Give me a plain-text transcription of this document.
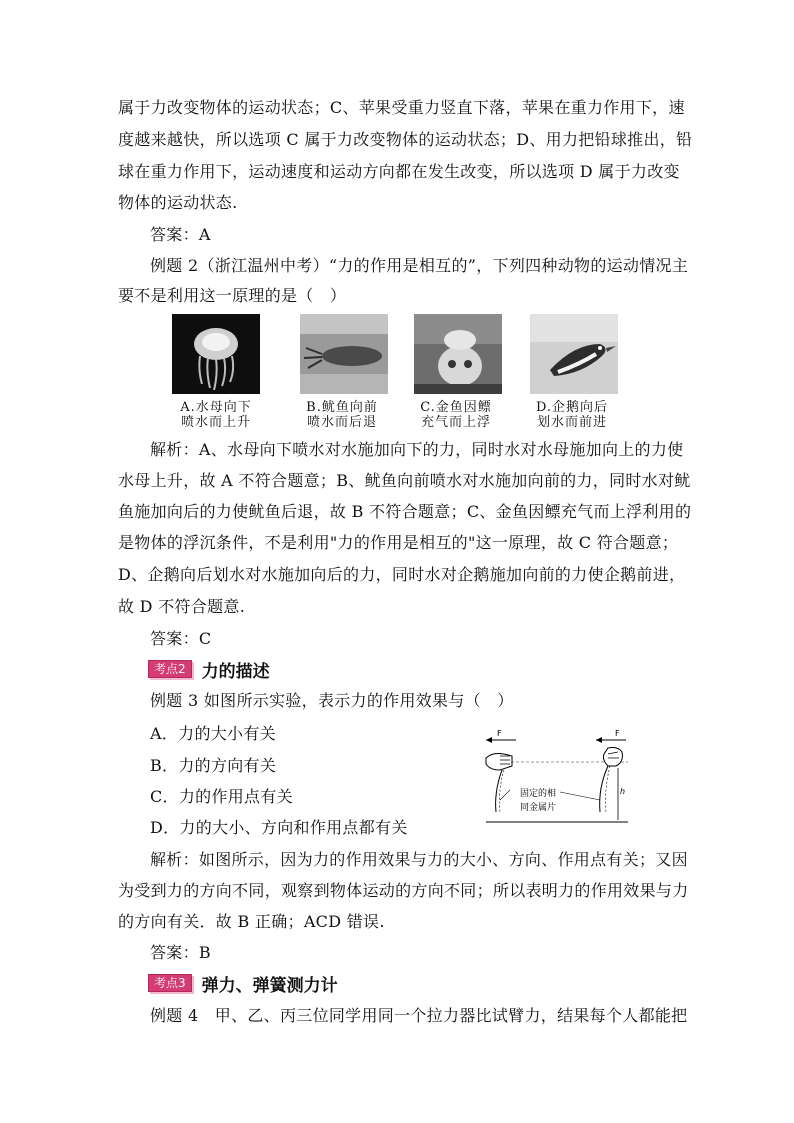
属于力改变物体的运动状态；C、苹果受重力竖直下落，苹果在重力作用下，速
度越来越快，所以选项 C 属于力改变物体的运动状态；D、用力把铅球推出，铅
球在重力作用下，运动速度和运动方向都在发生改变，所以选项 D 属于力改变
物体的运动状态.
答案：A
例题 2（浙江温州中考）“力的作用是相互的”，下列四种动物的运动情况主
要不是利用这一原理的是（　）
A.水母向下
喷水而上升
B.鱿鱼向前
喷水而后退
C.金鱼因鳔
充气而上浮
D.企鹅向后
划水而前进
解析：A、水母向下喷水对水施加向下的力，同时水对水母施加向上的力使
水母上升，故 A 不符合题意；B、鱿鱼向前喷水对水施加向前的力，同时水对鱿
鱼施加向后的力使鱿鱼后退，故 B 不符合题意；C、金鱼因鳔充气而上浮利用的
是物体的浮沉条件，不是利用"力的作用是相互的"这一原理，故 C 符合题意；
D、企鹅向后划水对水施加向后的力，同时水对企鹅施加向前的力使企鹅前进，
故 D 不符合题意.
答案：C
考点2 力的描述
例题 3 如图所示实验，表示力的作用效果与（　）
A．力的大小有关
B．力的方向有关
C．力的作用点有关
D．力的大小、方向和作用点都有关
F	F
h
固定的相
同金属片
解析：如图所示，因为力的作用效果与力的大小、方向、作用点有关；又因
为受到力的方向不同，观察到物体运动的方向不同；所以表明力的作用效果与力
的方向有关．故 B 正确；ACD 错误.
答案：B
考点3 弹力、弹簧测力计
例题 4　甲、乙、丙三位同学用同一个拉力器比试臂力，结果每个人都能把
